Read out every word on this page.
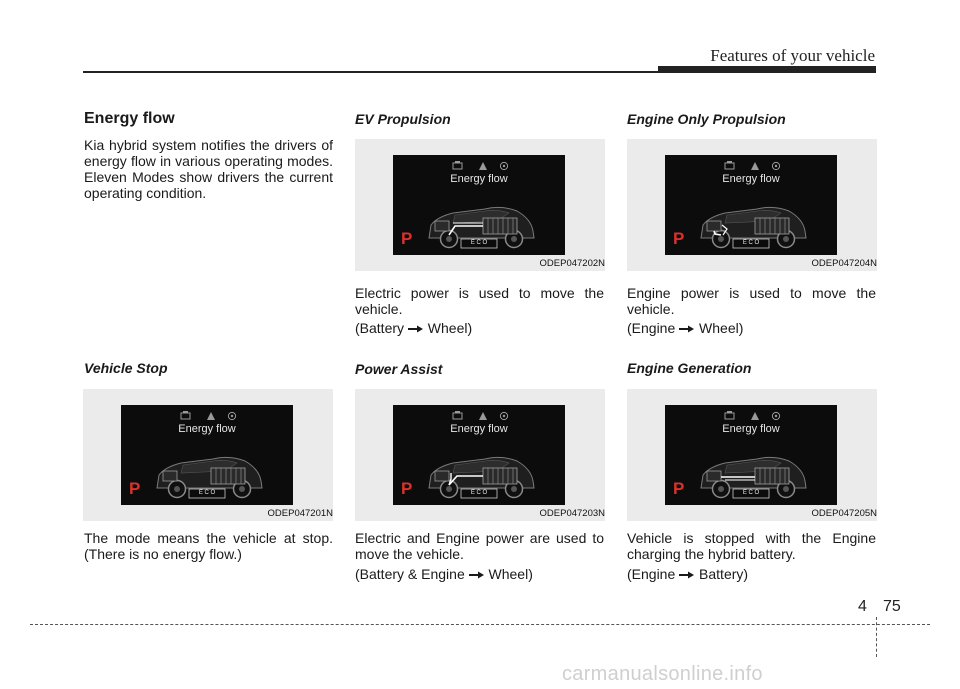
Features of your vehicle
Energy flow

Kia hybrid system notifies the drivers of energy flow in various operating modes. Eleven Modes show drivers the current operating condition.

Vehicle Stop
Energy flow
P	E C O
ODEP047201N

The mode means the vehicle at stop. (There is no energy flow.)

EV Propulsion
Energy flow
P	E C O
ODEP047202N

Electric power is used to move the vehicle.

(Battery Wheel)

Power Assist
Energy flow
P	E C O
ODEP047203N

Electric and Engine power are used to move the vehicle.

(Battery & Engine Wheel)

Engine Only Propulsion
Energy flow
P	E C O
ODEP047204N

Engine power is used to move the vehicle.

(Engine Wheel)

Engine Generation
Energy flow
P	E C O
ODEP047205N

Vehicle is stopped with the Engine charging the hybrid battery.

(Engine Battery)

4 75
carmanualsonline.info
